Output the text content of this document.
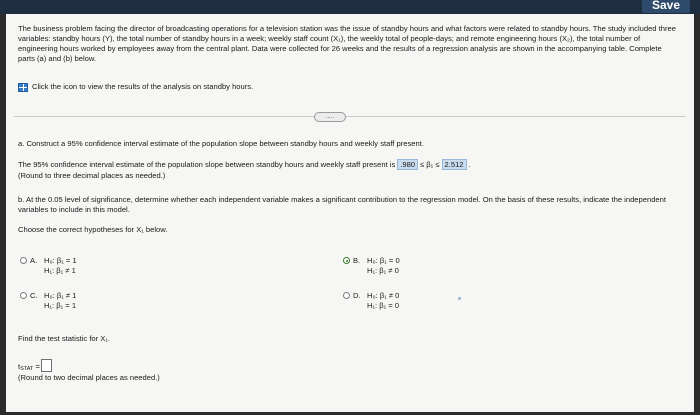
Save

The business problem facing the director of broadcasting operations for a television station was the issue of standby hours and what factors were related to standby hours. The study included three variables: standby hours (Y), the total number of standby hours in a week; weekly staff count (X₁), the weekly total of people-days; and remote engineering hours (X₂), the total number of engineering hours worked by employees away from the central plant. Data were collected for 26 weeks and the results of a regression analysis are shown in the accompanying table. Complete parts (a) and (b) below.

Click the icon to view the results of the analysis on standby hours.
.....

a. Construct a 95% confidence interval estimate of the population slope between standby hours and weekly staff present.

The 95% confidence interval estimate of the population slope between standby hours and weekly staff present is .980 ≤ β₁ ≤ 2.512 .

(Round to three decimal places as needed.)

b. At the 0.05 level of significance, determine whether each independent variable makes a significant contribution to the regression model. On the basis of these results, indicate the independent variables to include in this model.

Choose the correct hypotheses for X₁ below.

A. H₀: β₁ = 1
H₁: β₁ ≠ 1
B. H₀: β₁ = 0
H₁: β₁ ≠ 0
C. H₀: β₁ ≠ 1
H₁: β₁ = 1
D. H₀: β₁ ≠ 0
H₁: β₁ = 0

Find the test statistic for X₁.

$t_{STAT}$ =

(Round to two decimal places as needed.)
